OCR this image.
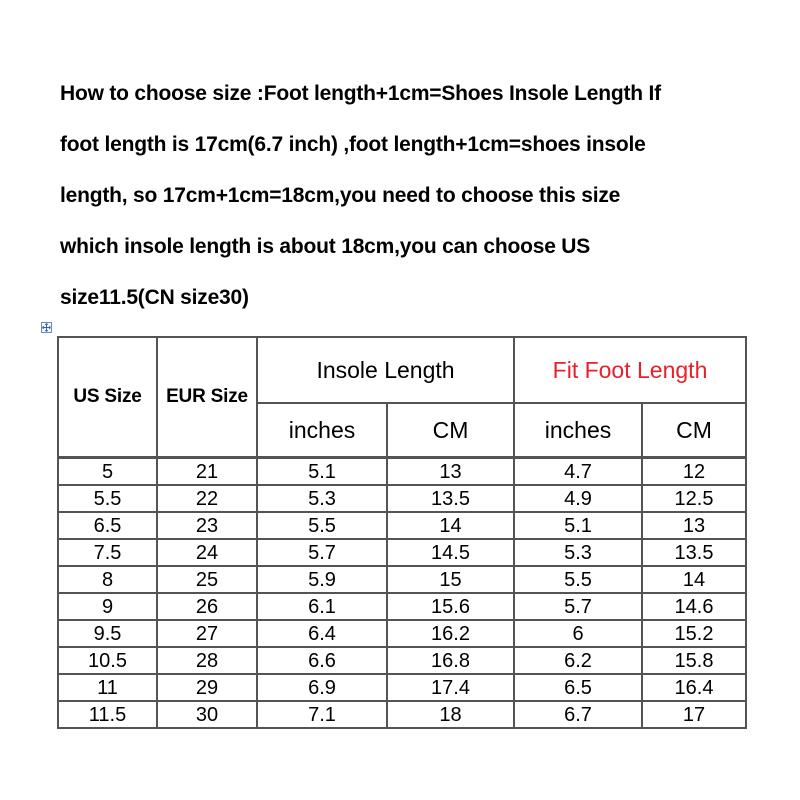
How to choose size :Foot length+1cm=Shoes Insole Length If
foot length is 17cm(6.7 inch) ,foot length+1cm=shoes insole
length, so 17cm+1cm=18cm,you need to choose this size
which insole length is about 18cm,you can choose US
size11.5(CN size30)
US Size	EUR Size	Insole Length		Fit Foot Length	
		inches	CM	inches	CM
5	21	5.1	13	4.7	12
5.5	22	5.3	13.5	4.9	12.5
6.5	23	5.5	14	5.1	13
7.5	24	5.7	14.5	5.3	13.5
8	25	5.9	15	5.5	14
9	26	6.1	15.6	5.7	14.6
9.5	27	6.4	16.2	6	15.2
10.5	28	6.6	16.8	6.2	15.8
11	29	6.9	17.4	6.5	16.4
11.5	30	7.1	18	6.7	17
